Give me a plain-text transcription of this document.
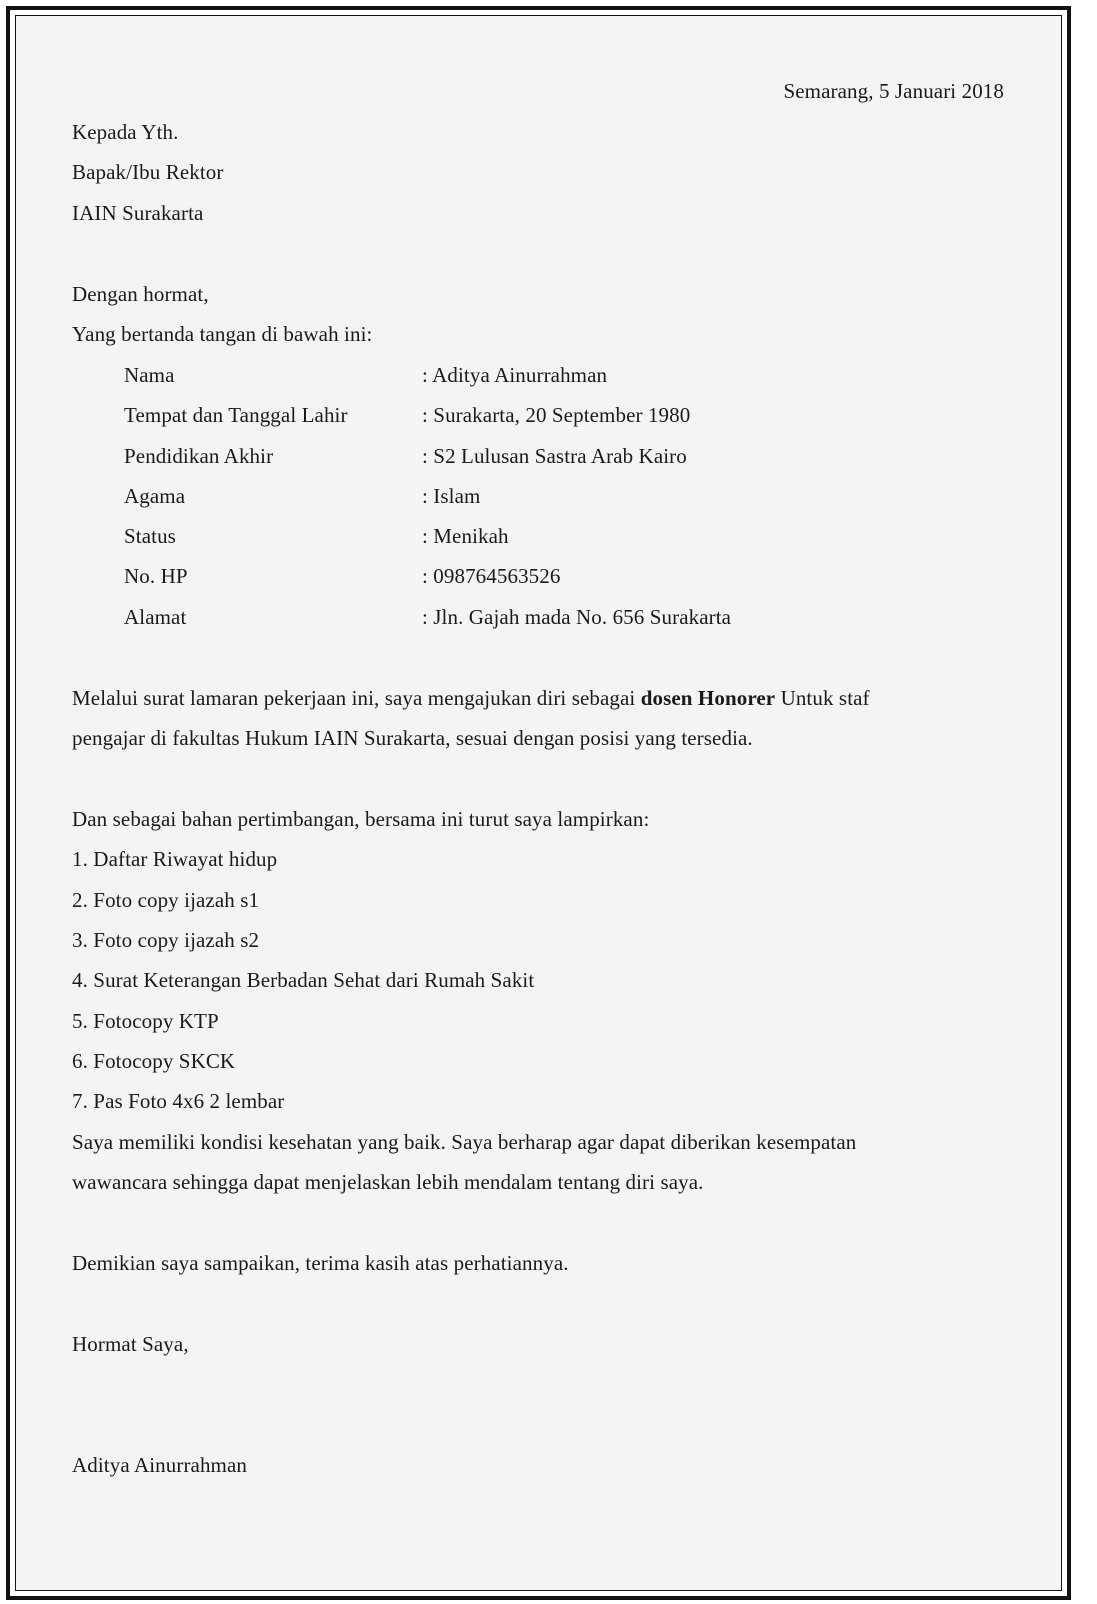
Semarang, 5 Januari 2018
Kepada Yth.
Bapak/Ibu Rektor
IAIN Surakarta
Dengan hormat,
Yang bertanda tangan di bawah ini:
Nama	: Aditya Ainurrahman
Tempat dan Tanggal Lahir	: Surakarta, 20 September 1980
Pendidikan Akhir	: S2 Lulusan Sastra Arab Kairo
Agama	: Islam
Status	: Menikah
No. HP	: 098764563526
Alamat	: Jln. Gajah mada No. 656 Surakarta
Melalui surat lamaran pekerjaan ini, saya mengajukan diri sebagai dosen Honorer Untuk staf
pengajar di fakultas Hukum IAIN Surakarta, sesuai dengan posisi yang tersedia.
Dan sebagai bahan pertimbangan, bersama ini turut saya lampirkan:
1. Daftar Riwayat hidup
2. Foto copy ijazah s1
3. Foto copy ijazah s2
4. Surat Keterangan Berbadan Sehat dari Rumah Sakit
5. Fotocopy KTP
6. Fotocopy SKCK
7. Pas Foto 4x6 2 lembar
Saya memiliki kondisi kesehatan yang baik. Saya berharap agar dapat diberikan kesempatan
wawancara sehingga dapat menjelaskan lebih mendalam tentang diri saya.
Demikian saya sampaikan, terima kasih atas perhatiannya.
Hormat Saya,
Aditya Ainurrahman
